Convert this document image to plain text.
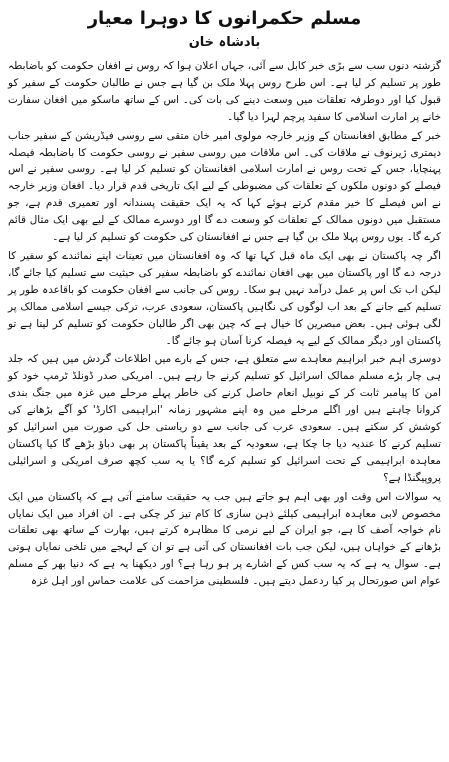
مسلم حکمرانوں کا دوہرا معیار
بادشاہ خان

گزشتہ دنوں سب سے بڑی خبر کابل سے آئی، جہاں اعلان ہوا کہ روس نے افغان حکومت کو باضابطہ طور پر تسلیم کر لیا ہے۔ اس طرح روس پہلا ملک بن گیا ہے جس نے طالبان حکومت کے سفیر کو قبول کیا اور دوطرفہ تعلقات میں وسعت دینے کی بات کی۔ اس کے ساتھ ماسکو میں افغان سفارت خانے پر امارت اسلامی کا سفید پرچم لہرا دیا گیا۔

خبر کے مطابق افغانستان کے وزیر خارجہ مولوی امیر خان متقی سے روسی فیڈریشن کے سفیر جناب دیمتری ژیرنوف نے ملاقات کی۔ اس ملاقات میں روسی سفیر نے روسی حکومت کا باضابطہ فیصلہ پہنچایا، جس کے تحت روس نے امارت اسلامی افغانستان کو تسلیم کر لیا ہے۔ روسی سفیر نے اس فیصلے کو دونوں ملکوں کے تعلقات کی مضبوطی کے لیے ایک تاریخی قدم قرار دیا۔ افغان وزیر خارجہ نے اس فیصلے کا خیر مقدم کرتے ہوئے کہا کہ یہ ایک حقیقت پسندانہ اور تعمیری قدم ہے، جو مستقبل میں دونوں ممالک کے تعلقات کو وسعت دے گا اور دوسرے ممالک کے لیے بھی ایک مثال قائم کرے گا۔ یوں روس پہلا ملک بن گیا ہے جس نے افغانستان کی حکومت کو تسلیم کر لیا ہے۔

اگر چہ پاکستان نے بھی ایک ماہ قبل کہا تھا کہ وہ افغانستان میں تعینات اپنے نمائندے کو سفیر کا درجہ دے گا اور پاکستان میں بھی افغان نمائندے کو باضابطہ سفیر کی حیثیت سے تسلیم کیا جائے گا، لیکن اب تک اس پر عمل درآمد نہیں ہو سکا۔ روس کی جانب سے افغان حکومت کو باقاعدہ طور پر تسلیم کیے جانے کے بعد اب لوگوں کی نگاہیں پاکستان، سعودی عرب، ترکی جیسے اسلامی ممالک پر لگی ہوئی ہیں۔ بعض مبصرین کا خیال ہے کہ چین بھی اگر طالبان حکومت کو تسلیم کر لیتا ہے تو پاکستان اور دیگر ممالک کے لیے یہ فیصلہ کرنا آسان ہو جائے گا۔

دوسری اہم خبر ابراہیم معاہدے سے متعلق ہے، جس کے بارے میں اطلاعات گردش میں ہیں کہ جلد ہی چار بڑے مسلم ممالک اسرائیل کو تسلیم کرنے جا رہے ہیں۔ امریکی صدر ڈونلڈ ٹرمپ خود کو امن کا پیامبر ثابت کر کے نوبیل انعام حاصل کرنے کی خاطر پہلے مرحلے میں غزہ میں جنگ بندی کروانا چاہتے ہیں اور اگلے مرحلے میں وہ اپنے مشہور زمانہ 'ابراہیمی اکارڈ' کو آگے بڑھانے کی کوشش کر سکتے ہیں۔ سعودی عرب کی جانب سے دو ریاستی حل کی صورت میں اسرائیل کو تسلیم کرنے کا عندیہ دیا جا چکا ہے، سعودیہ کے بعد یقیناً پاکستان پر بھی دباؤ بڑھے گا کیا پاکستان معاہدہ ابراہیمی کے تحت اسرائیل کو تسلیم کرے گا؟ یا یہ سب کچھ صرف امریکی و اسرائیلی پروپیگنڈا ہے؟

یہ سوالات اس وقت اور بھی اہم ہو جاتے ہیں جب یہ حقیقت سامنے آتی ہے کہ پاکستان میں ایک مخصوص لابی معاہدہ ابراہیمی کیلئے ذہن سازی کا کام تیز کر چکی ہے۔ ان افراد میں ایک نمایاں نام خواجہ آصف کا ہے، جو ایران کے لیے نرمی کا مظاہرہ کرتے ہیں، بھارت کے ساتھ بھی تعلقات بڑھانے کے خواہاں ہیں، لیکن جب بات افغانستان کی آتی ہے تو ان کے لہجے میں تلخی نمایاں ہوتی ہے۔ سوال یہ ہے کہ یہ سب کس کے اشارے پر ہو رہا ہے؟ اور دیکھنا یہ ہے کہ دنیا بھر کے مسلم عوام اس صورتحال پر کیا ردعمل دیتے ہیں۔ فلسطینی مزاحمت کی علامت حماس اور اہل غزہ
